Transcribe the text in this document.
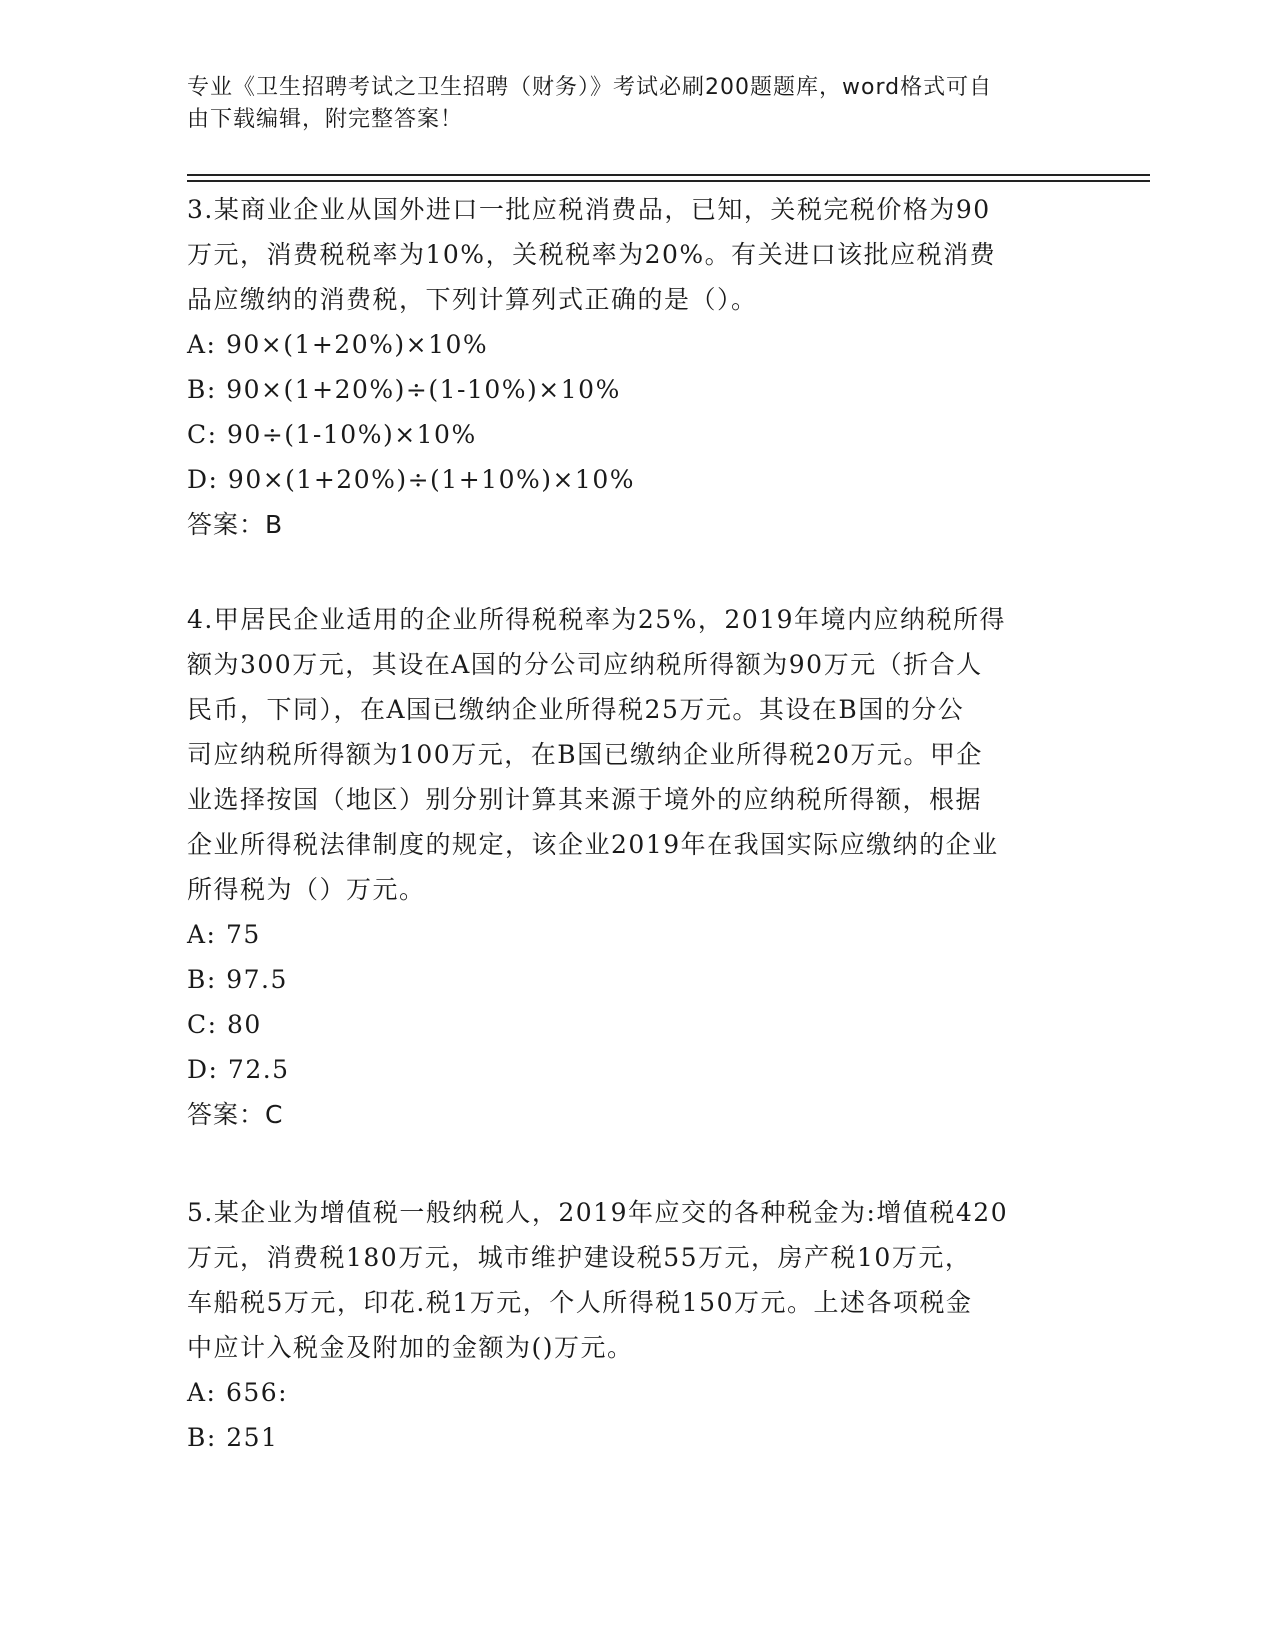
专业《卫生招聘考试之卫生招聘（财务）》考试必刷200题题库，word格式可自
由下载编辑，附完整答案！
3.某商业企业从国外进口一批应税消费品，已知，关税完税价格为90
万元，消费税税率为10%，关税税率为20%。有关进口该批应税消费
品应缴纳的消费税，下列计算列式正确的是（）。
A:
90×(1+20%)×10%
B:
90×(1+20%)÷(1-10%)×10%
C:
90÷(1-10%)×10%
D:
90×(1+20%)÷(1+10%)×10%
答案：B
4.甲居民企业适用的企业所得税税率为25%，2019年境内应纳税所得
额为300万元，其设在A国的分公司应纳税所得额为90万元（折合人
民币，下同），在A国已缴纳企业所得税25万元。其设在B国的分公
司应纳税所得额为100万元，在B国已缴纳企业所得税20万元。甲企
业选择按国（地区）别分别计算其来源于境外的应纳税所得额，根据
企业所得税法律制度的规定，该企业2019年在我国实际应缴纳的企业
所得税为（）万元。
A:
75
B:
97.5
C:
80
D:
72.5
答案：C
5.某企业为增值税一般纳税人，2019年应交的各种税金为:增值税420
万元，消费税180万元，城市维护建设税55万元，房产税10万元，
车船税5万元，印花.税1万元，个人所得税150万元。上述各项税金
中应计入税金及附加的金额为()万元。
A:
656:
B:
251
